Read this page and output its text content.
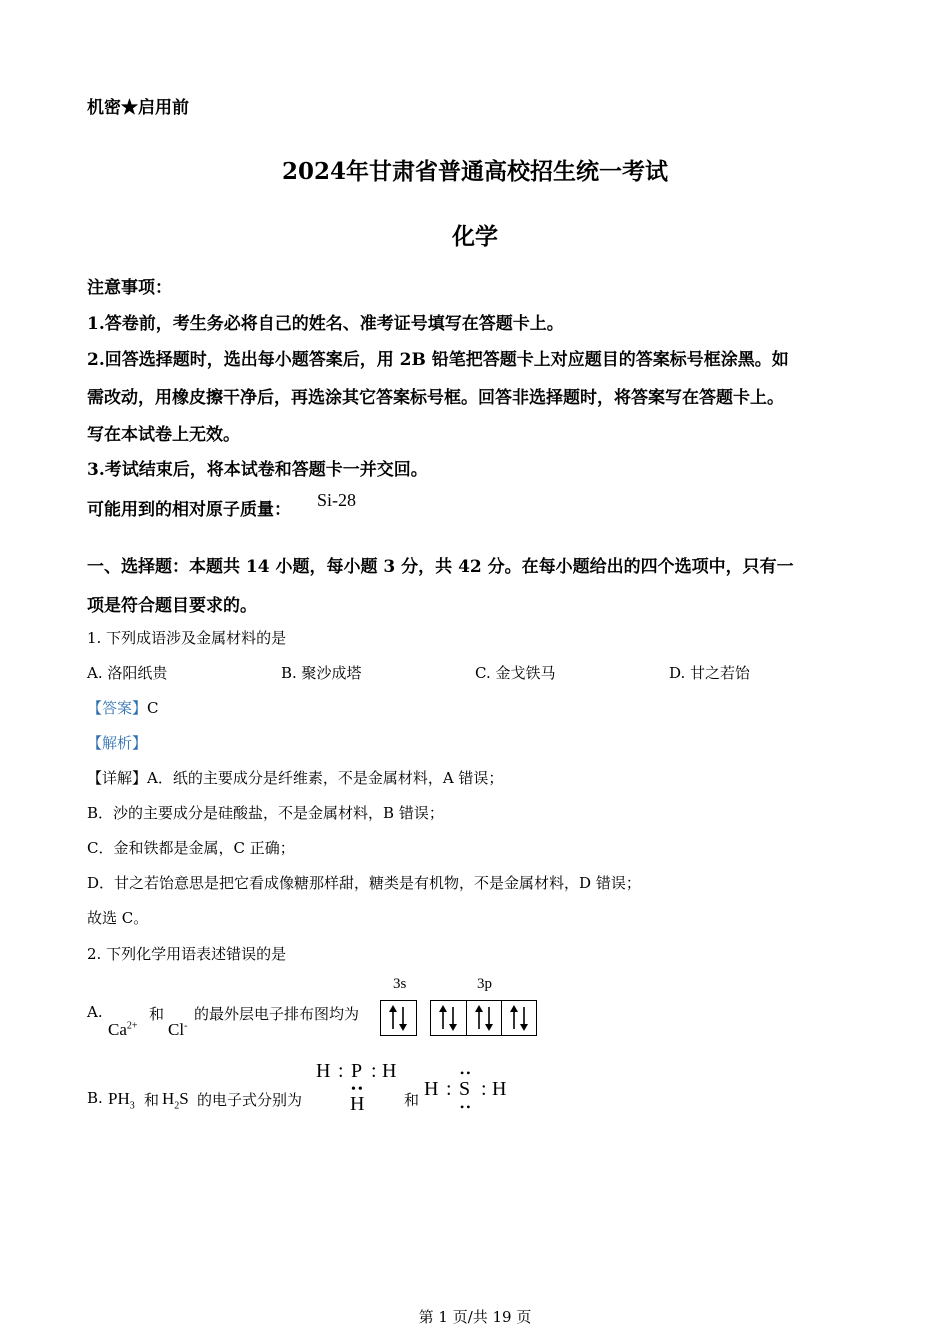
机密★启用前
2024年甘肃省普通高校招生统一考试
化学
注意事项：
1.答卷前，考生务必将自己的姓名、准考证号填写在答题卡上。
2.回答选择题时，选出每小题答案后，用 2B 铅笔把答题卡上对应题目的答案标号框涂黑。如
需改动，用橡皮擦干净后，再选涂其它答案标号框。回答非选择题时，将答案写在答题卡上。
写在本试卷上无效。
3.考试结束后，将本试卷和答题卡一并交回。
可能用到的相对原子质量： Si-28
一、选择题：本题共 14 小题，每小题 3 分，共 42 分。在每小题给出的四个选项中，只有一
项是符合题目要求的。
1. 下列成语涉及金属材料的是
A. 洛阳纸贵	B. 聚沙成塔	C. 金戈铁马	D. 甘之若饴
【答案】C
【解析】
【详解】A．纸的主要成分是纤维素，不是金属材料，A 错误；
B．沙的主要成分是硅酸盐，不是金属材料，B 错误；
C．金和铁都是金属，C 正确；
D．甘之若饴意思是把它看成像糖那样甜，糖类是有机物，不是金属材料，D 错误；
故选 C。
2. 下列化学用语表述错误的是
A.
$Ca^{2+}$
和
Cl-
的最外层电子排布图均为
3s	3p
B. $PH_3$ 和 $H_2S$ 的电子式分别为
H : P : H
••
H	和 H :
••
S
••
: H
第 1 页/共 19 页
